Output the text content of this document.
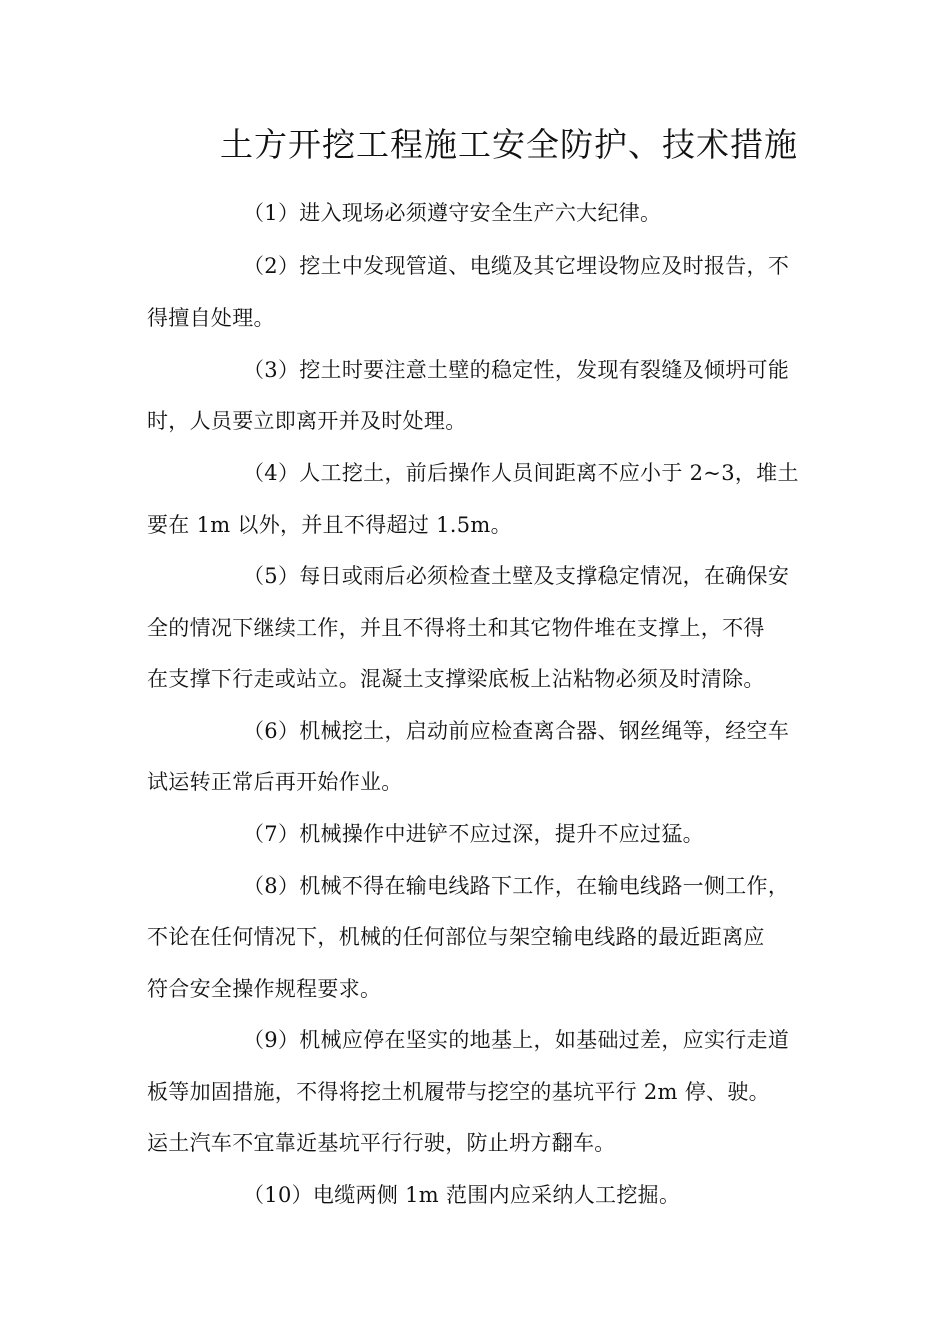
土方开挖工程施工安全防护、技术措施
（1）进入现场必须遵守安全生产六大纪律。
（2）挖土中发现管道、电缆及其它埋设物应及时报告，不
得擅自处理。
（3）挖土时要注意土壁的稳定性，发现有裂缝及倾坍可能
时，人员要立即离开并及时处理。
（4）人工挖土，前后操作人员间距离不应小于 2~3，堆土
要在 1m 以外，并且不得超过 1.5m。
（5）每日或雨后必须检查土壁及支撑稳定情况，在确保安
全的情况下继续工作，并且不得将土和其它物件堆在支撑上，不得
在支撑下行走或站立。混凝土支撑梁底板上沾粘物必须及时清除。
（6）机械挖土，启动前应检查离合器、钢丝绳等，经空车
试运转正常后再开始作业。
（7）机械操作中进铲不应过深，提升不应过猛。
（8）机械不得在输电线路下工作，在输电线路一侧工作，
不论在任何情况下，机械的任何部位与架空输电线路的最近距离应
符合安全操作规程要求。
（9）机械应停在坚实的地基上，如基础过差，应实行走道
板等加固措施，不得将挖土机履带与挖空的基坑平行 2m 停、驶。
运土汽车不宜靠近基坑平行行驶，防止坍方翻车。
（10）电缆两侧 1m 范围内应采纳人工挖掘。
